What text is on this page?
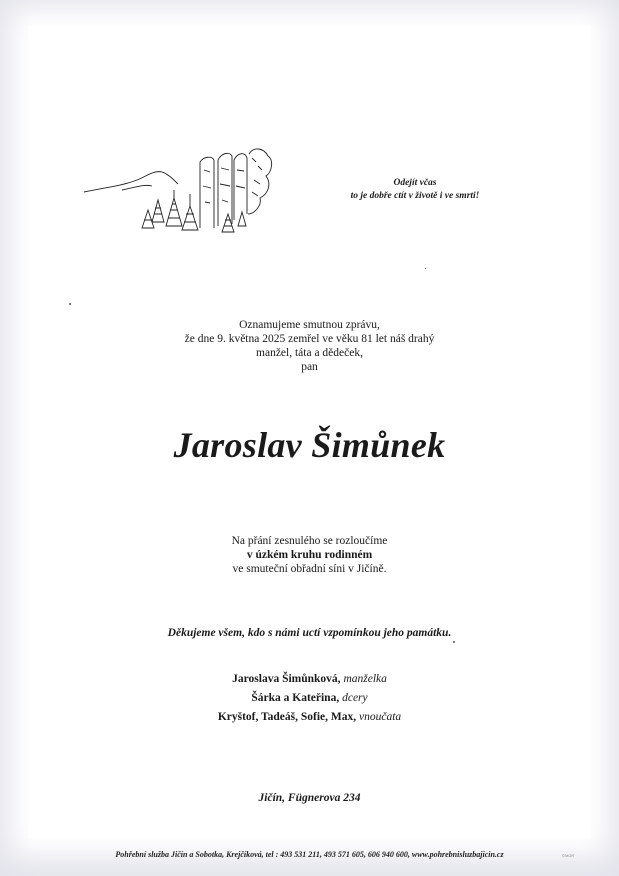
Odejít včas
to je dobře ctít v životě i ve smrti!
Oznamujeme smutnou zprávu,
že dne 9. května 2025 zemřel ve věku 81 let náš drahý
manžel, táta a dědeček,
pan
Jaroslav Šimůnek
Na přání zesnulého se rozloučíme
v úzkém kruhu rodinném
ve smuteční obřadní síni v Jičíně.
Děkujeme všem, kdo s námi uctí vzpomínkou jeho památku.
Jaroslava Šimůnková, manželka
Šárka a Kateřina, dcery
Kryštof, Tadeáš, Sofie, Max, vnoučata
Jičín, Fügnerova 234
Pohřební služba Jičín a Sobotka, Krejčíková, tel : 493 531 211, 493 571 605, 606 940 600, www.pohrebnisluzbajicin.cz	©MOR
